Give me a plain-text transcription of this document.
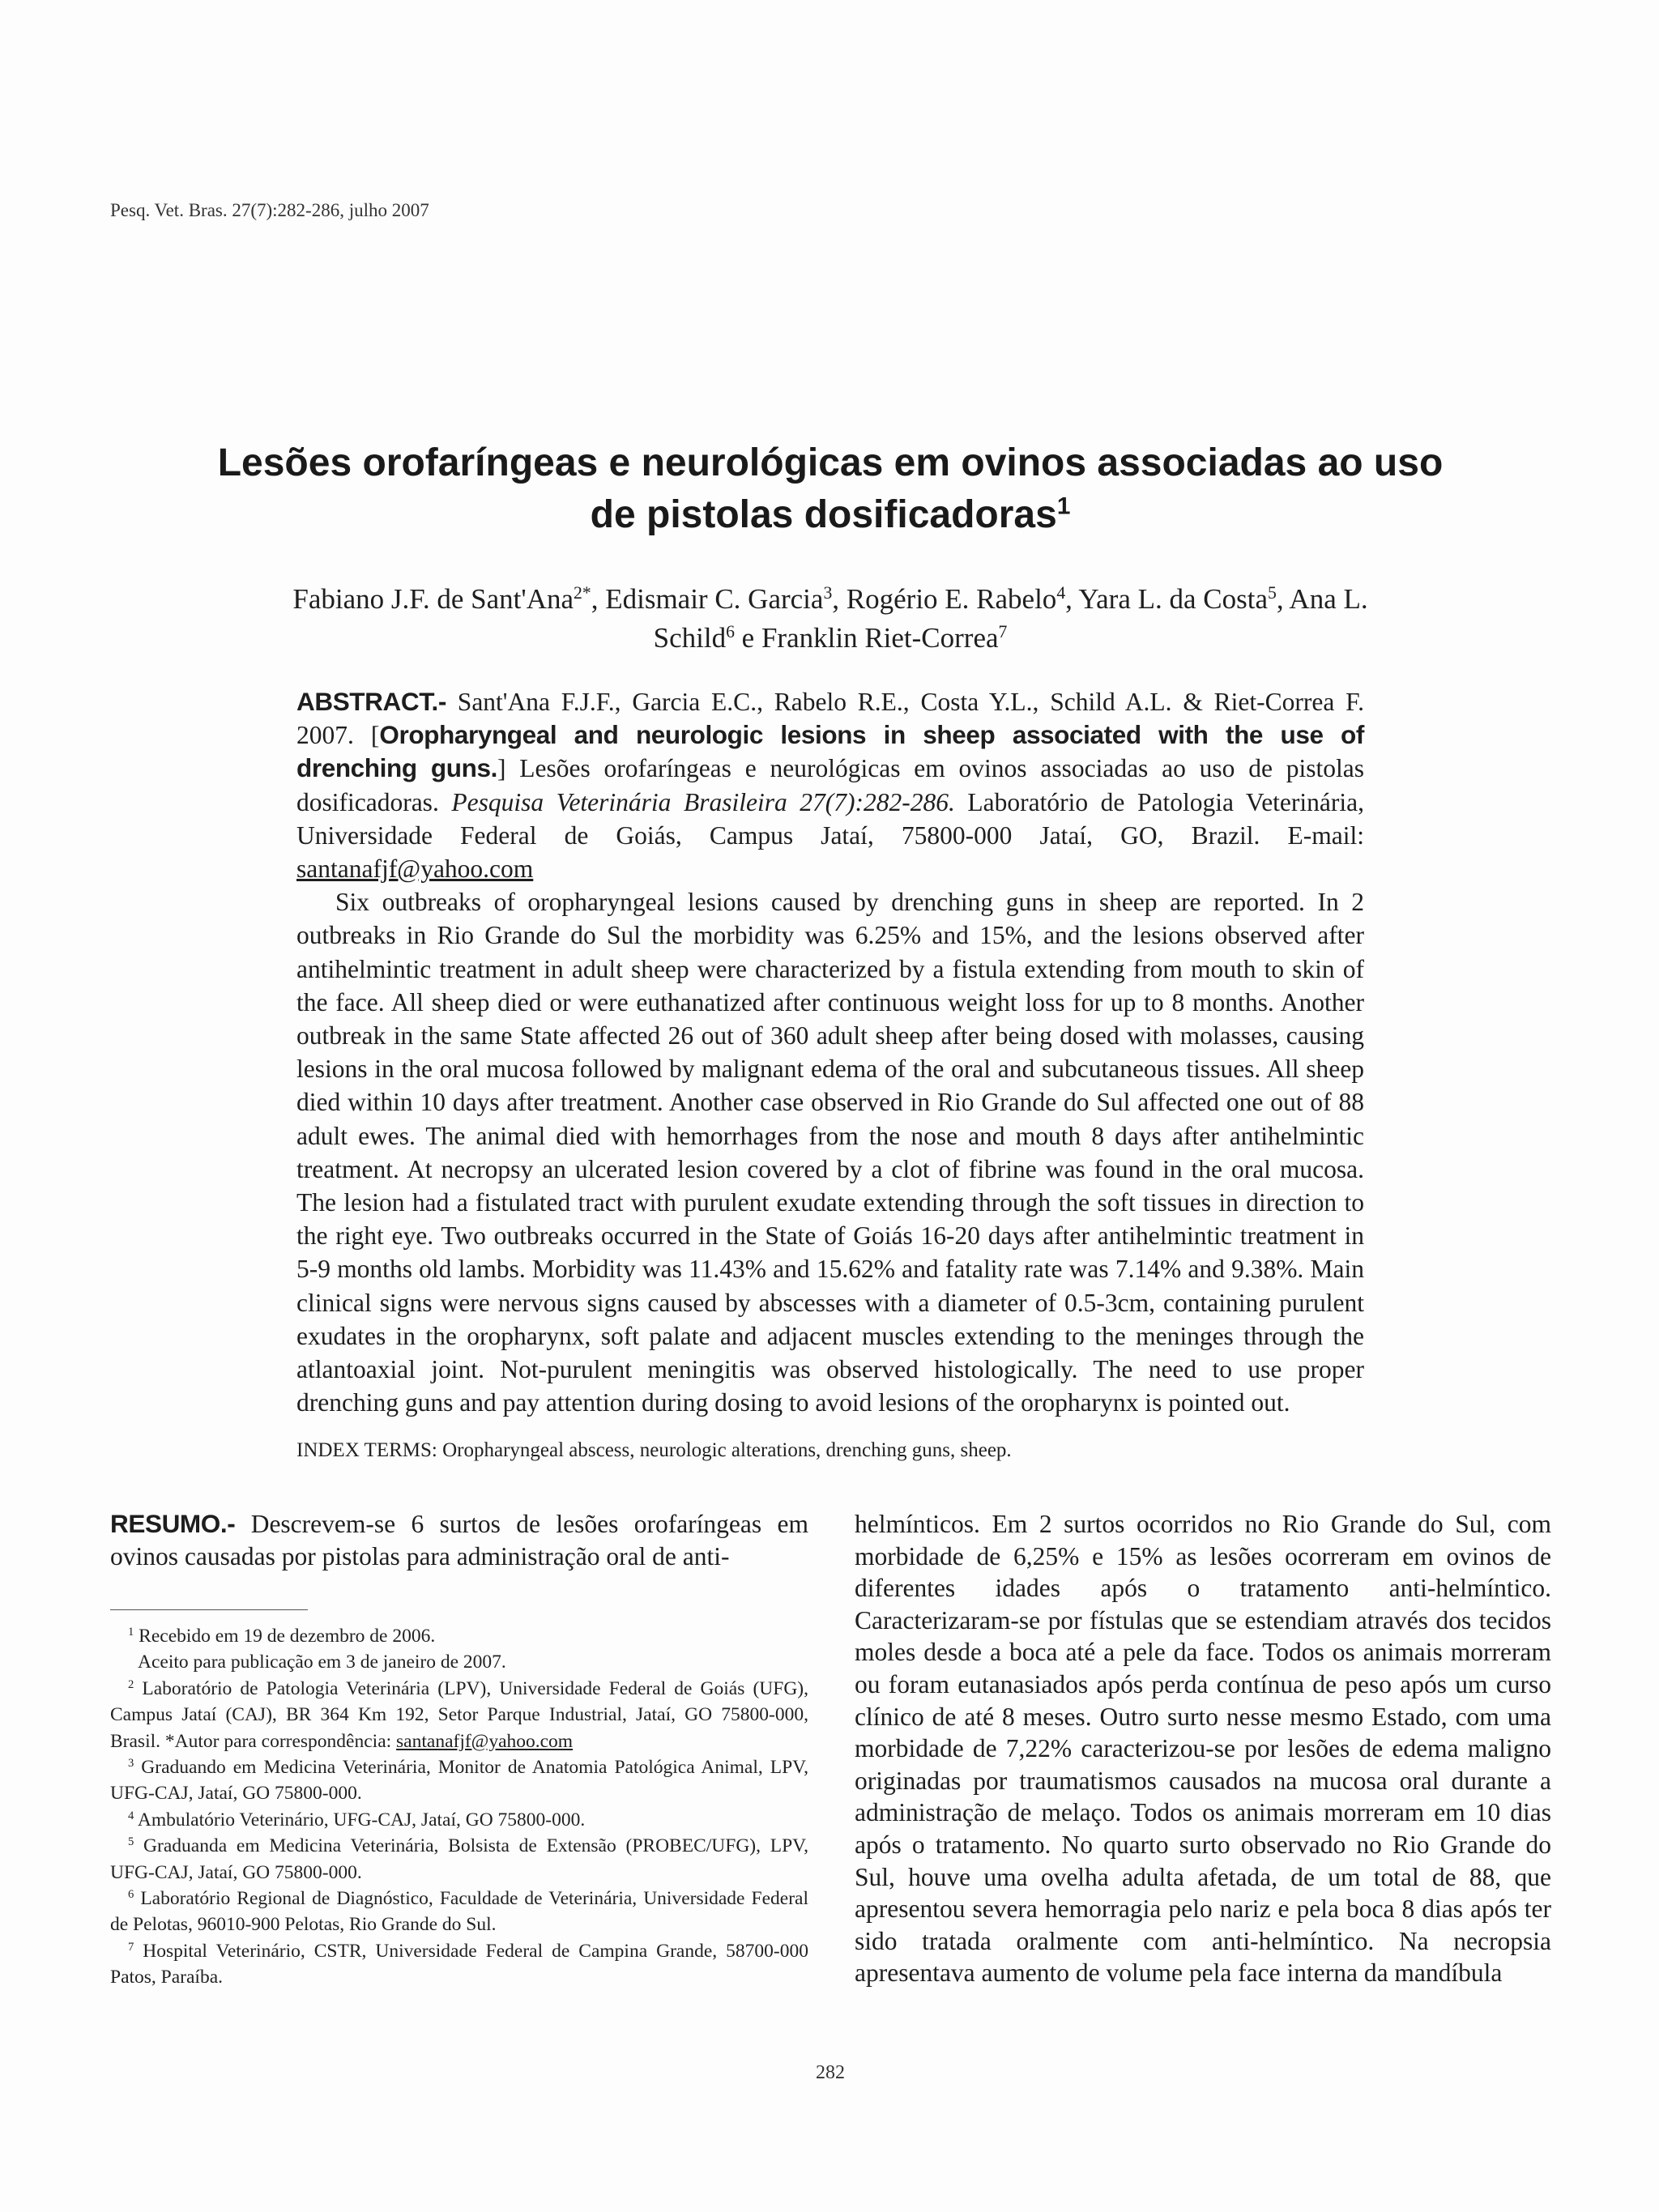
Pesq. Vet. Bras. 27(7):282-286, julho 2007
Lesões orofaríngeas e neurológicas em ovinos associadas ao uso de pistolas dosificadoras$^1$
Fabiano J.F. de Sant'Ana$^{2*}$, Edismair C. Garcia$^3$, Rogério E. Rabelo$^4$, Yara L. da Costa$^5$, Ana L. Schild$^6$ e Franklin Riet-Correa$^7$

ABSTRACT.- Sant'Ana F.J.F., Garcia E.C., Rabelo R.E., Costa Y.L., Schild A.L. & Riet-Correa F. 2007. [Oropharyngeal and neurologic lesions in sheep associated with the use of drenching guns.] Lesões orofaríngeas e neurológicas em ovinos associadas ao uso de pistolas dosificadoras. Pesquisa Veterinária Brasileira 27(7):282-286. Laboratório de Patologia Veterinária, Universidade Federal de Goiás, Campus Jataí, 75800-000 Jataí, GO, Brazil. E-mail: santanafjf@yahoo.com

Six outbreaks of oropharyngeal lesions caused by drenching guns in sheep are reported. In 2 outbreaks in Rio Grande do Sul the morbidity was 6.25% and 15%, and the lesions observed after antihelmintic treatment in adult sheep were characterized by a fistula extending from mouth to skin of the face. All sheep died or were euthanatized after continuous weight loss for up to 8 months. Another outbreak in the same State affected 26 out of 360 adult sheep after being dosed with molasses, causing lesions in the oral mucosa followed by malignant edema of the oral and subcutaneous tissues. All sheep died within 10 days after treatment. Another case observed in Rio Grande do Sul affected one out of 88 adult ewes. The animal died with hemorrhages from the nose and mouth 8 days after antihelmintic treatment. At necropsy an ulcerated lesion covered by a clot of fibrine was found in the oral mucosa. The lesion had a fistulated tract with purulent exudate extending through the soft tissues in direction to the right eye. Two outbreaks occurred in the State of Goiás 16-20 days after antihelmintic treatment in 5-9 months old lambs. Morbidity was 11.43% and 15.62% and fatality rate was 7.14% and 9.38%. Main clinical signs were nervous signs caused by abscesses with a diameter of 0.5-3cm, containing purulent exudates in the oropharynx, soft palate and adjacent muscles extending to the meninges through the atlantoaxial joint. Not-purulent meningitis was observed histologically. The need to use proper drenching guns and pay attention during dosing to avoid lesions of the oropharynx is pointed out.

INDEX TERMS: Oropharyngeal abscess, neurologic alterations, drenching guns, sheep.

RESUMO.- Descrevem-se 6 surtos de lesões orofaríngeas em ovinos causadas por pistolas para administração oral de anti-

$^1$ Recebido em 19 de dezembro de 2006.

Aceito para publicação em 3 de janeiro de 2007.

$^2$ Laboratório de Patologia Veterinária (LPV), Universidade Federal de Goiás (UFG), Campus Jataí (CAJ), BR 364 Km 192, Setor Parque Industrial, Jataí, GO 75800-000, Brasil. *Autor para correspondência: santanafjf@yahoo.com

$^3$ Graduando em Medicina Veterinária, Monitor de Anatomia Patológica Animal, LPV, UFG-CAJ, Jataí, GO 75800-000.

$^4$ Ambulatório Veterinário, UFG-CAJ, Jataí, GO 75800-000.

$^5$ Graduanda em Medicina Veterinária, Bolsista de Extensão (PROBEC/UFG), LPV, UFG-CAJ, Jataí, GO 75800-000.

$^6$ Laboratório Regional de Diagnóstico, Faculdade de Veterinária, Universidade Federal de Pelotas, 96010-900 Pelotas, Rio Grande do Sul.

$^7$ Hospital Veterinário, CSTR, Universidade Federal de Campina Grande, 58700-000 Patos, Paraíba.

helmínticos. Em 2 surtos ocorridos no Rio Grande do Sul, com morbidade de 6,25% e 15% as lesões ocorreram em ovinos de diferentes idades após o tratamento anti-helmíntico. Caracterizaram-se por fístulas que se estendiam através dos tecidos moles desde a boca até a pele da face. Todos os animais morreram ou foram eutanasiados após perda contínua de peso após um curso clínico de até 8 meses. Outro surto nesse mesmo Estado, com uma morbidade de 7,22% caracterizou-se por lesões de edema maligno originadas por traumatismos causados na mucosa oral durante a administração de melaço. Todos os animais morreram em 10 dias após o tratamento. No quarto surto observado no Rio Grande do Sul, houve uma ovelha adulta afetada, de um total de 88, que apresentou severa hemorragia pelo nariz e pela boca 8 dias após ter sido tratada oralmente com anti-helmíntico. Na necropsia apresentava aumento de volume pela face interna da mandíbula

282
